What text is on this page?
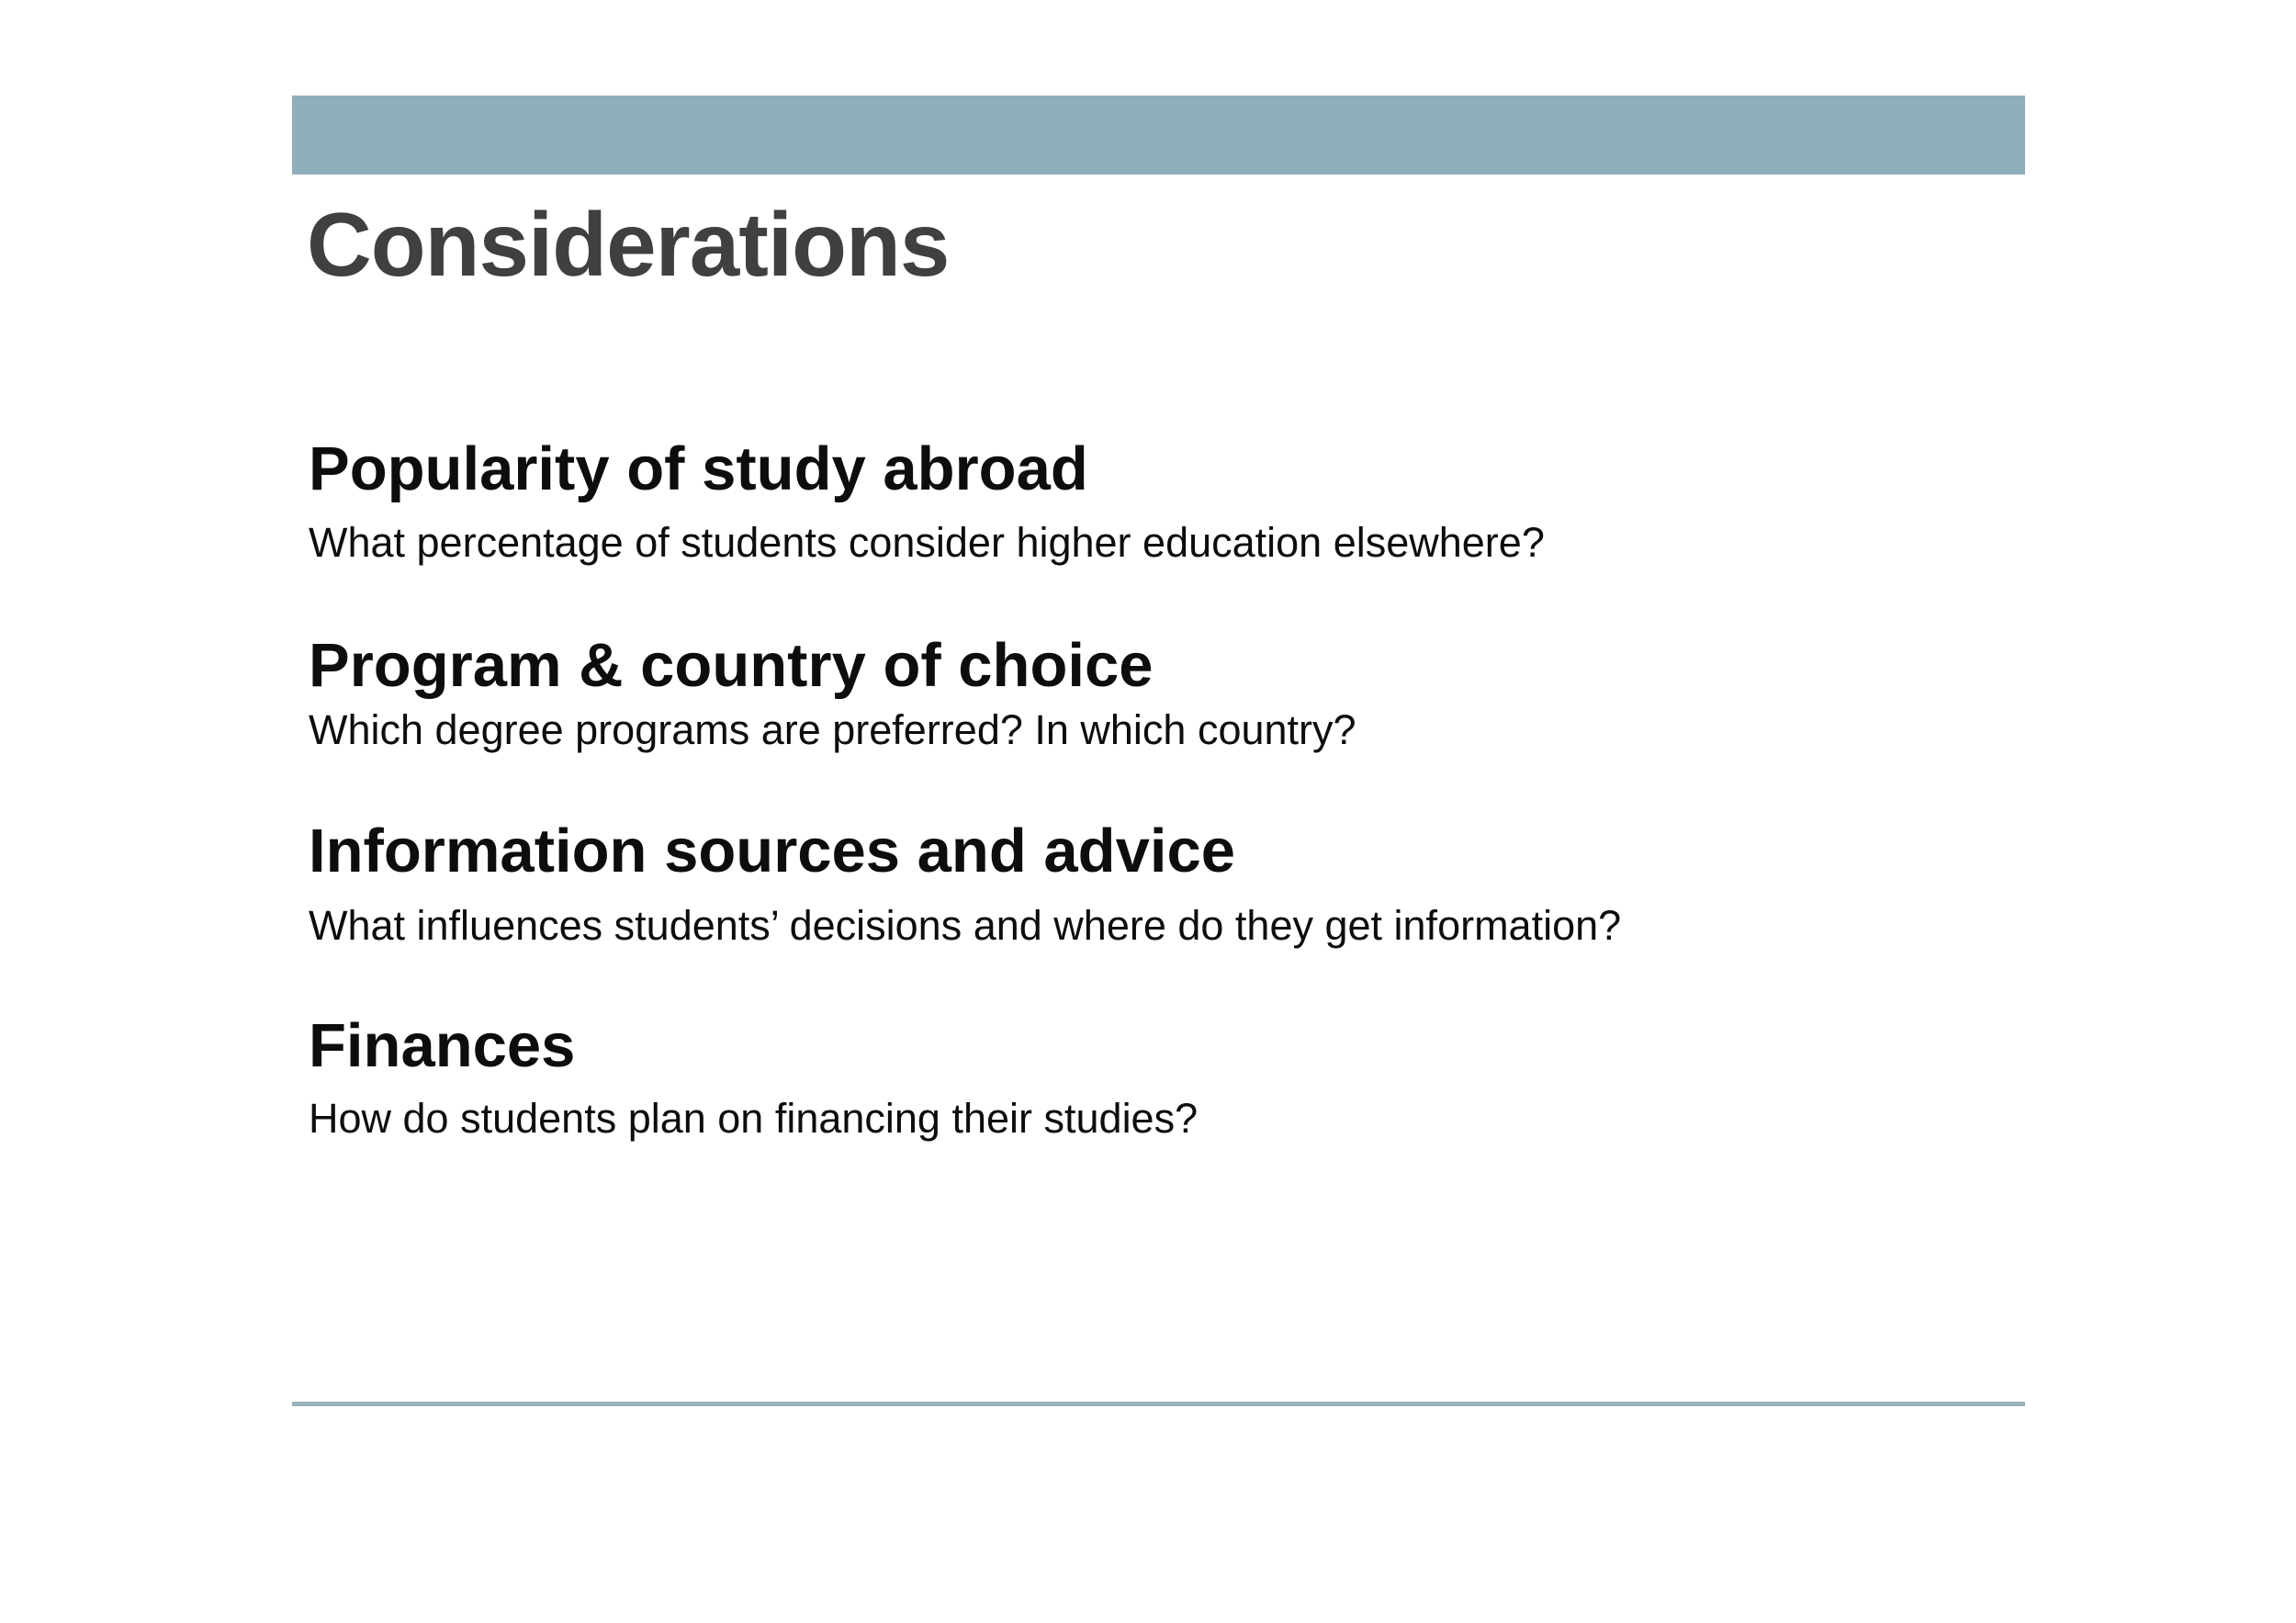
Considerations
Popularity of study abroad

What percentage of students consider higher education elsewhere?

Program & country of choice

Which degree programs are preferred? In which country?

Information sources and advice

What influences students’ decisions and where do they get information?

Finances

How do students plan on financing their studies?
